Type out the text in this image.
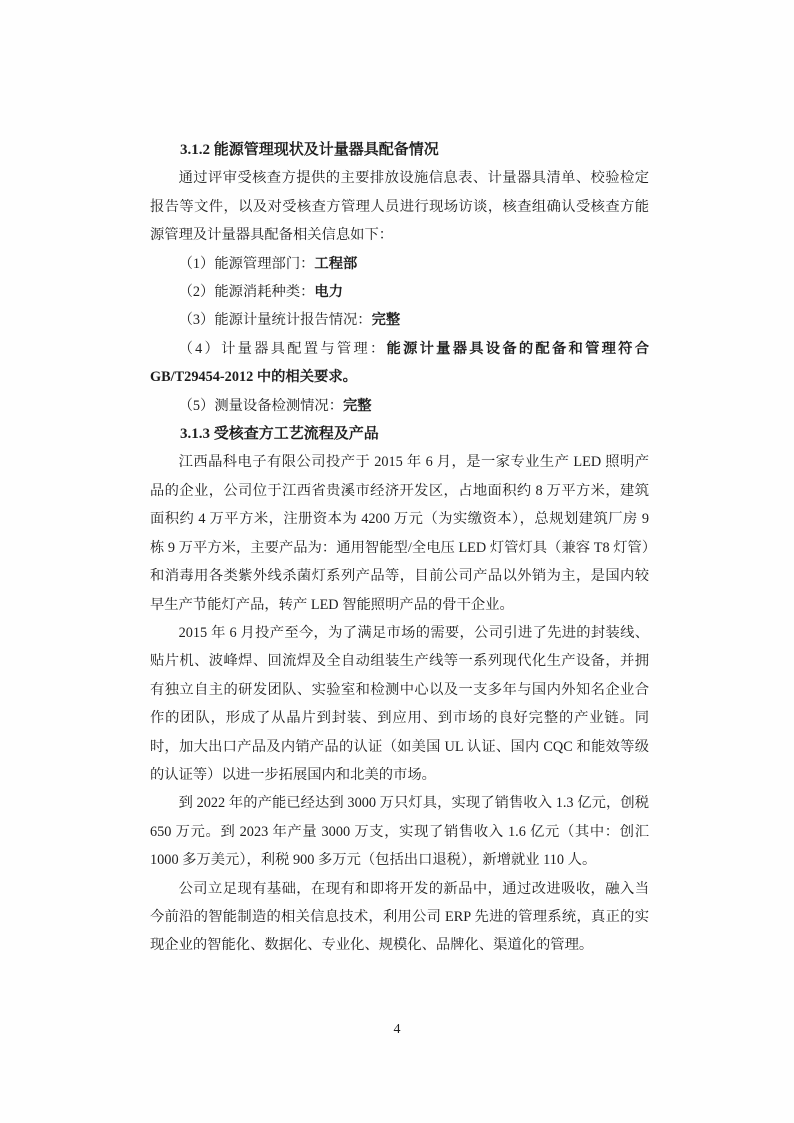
3.1.2 能源管理现状及计量器具配备情况

通过评审受核查方提供的主要排放设施信息表、计量器具清单、校验检定报告等文件，以及对受核查方管理人员进行现场访谈，核查组确认受核查方能源管理及计量器具配备相关信息如下：

（1）能源管理部门：工程部

（2）能源消耗种类：电力

（3）能源计量统计报告情况：完整

（4）计量器具配置与管理：能源计量器具设备的配备和管理符合 GB/T29454-2012 中的相关要求。

（5）测量设备检测情况：完整

3.1.3 受核查方工艺流程及产品

江西晶科电子有限公司投产于 2015 年 6 月，是一家专业生产 LED 照明产品的企业，公司位于江西省贵溪市经济开发区，占地面积约 8 万平方米，建筑面积约 4 万平方米，注册资本为 4200 万元（为实缴资本），总规划建筑厂房 9 栋 9 万平方米，主要产品为：通用智能型/全电压 LED 灯管灯具（兼容 T8 灯管）和消毒用各类紫外线杀菌灯系列产品等，目前公司产品以外销为主，是国内较早生产节能灯产品，转产 LED 智能照明产品的骨干企业。

2015 年 6 月投产至今，为了满足市场的需要，公司引进了先进的封装线、贴片机、波峰焊、回流焊及全自动组装生产线等一系列现代化生产设备，并拥有独立自主的研发团队、实验室和检测中心以及一支多年与国内外知名企业合作的团队，形成了从晶片到封装、到应用、到市场的良好完整的产业链。同时，加大出口产品及内销产品的认证（如美国 UL 认证、国内 CQC 和能效等级的认证等）以进一步拓展国内和北美的市场。

到 2022 年的产能已经达到 3000 万只灯具，实现了销售收入 1.3 亿元，创税 650 万元。到 2023 年产量 3000 万支，实现了销售收入 1.6 亿元（其中：创汇 1000 多万美元），利税 900 多万元（包括出口退税），新增就业 110 人。

公司立足现有基础，在现有和即将开发的新品中，通过改进吸收，融入当今前沿的智能制造的相关信息技术，利用公司 ERP 先进的管理系统，真正的实现企业的智能化、数据化、专业化、规模化、品牌化、渠道化的管理。

4
